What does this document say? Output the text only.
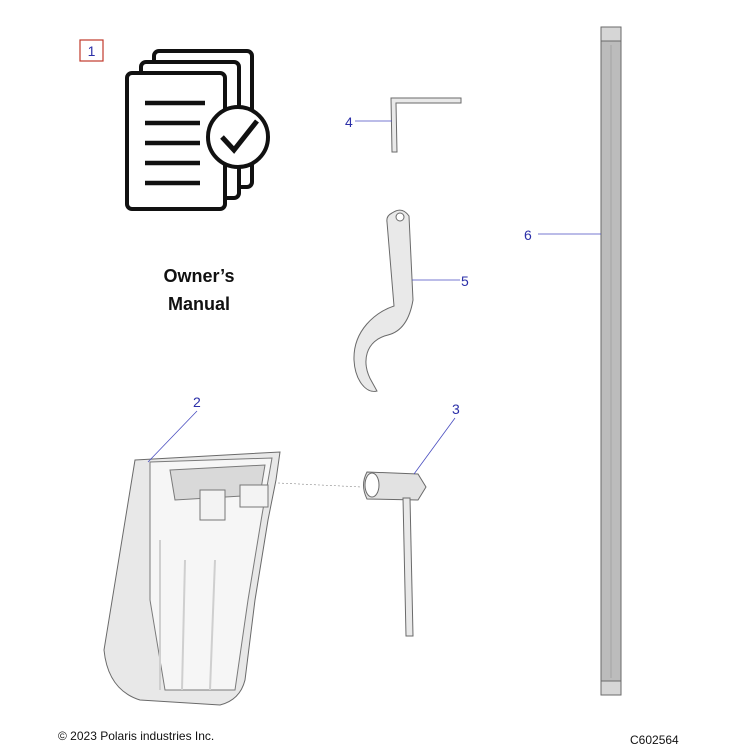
1
Owner’s
Manual
4
5
6
3
2
© 2023 Polaris industries Inc.	C602564
